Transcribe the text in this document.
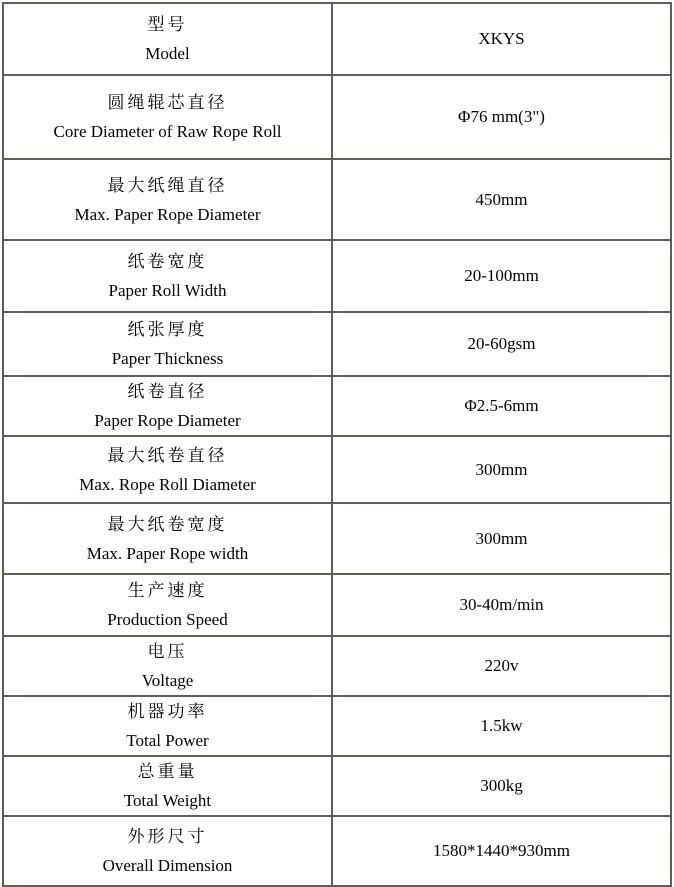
型号
Model	XKYS

圆绳辊芯直径
Core Diameter of Raw Rope Roll	Φ76 mm(3")

最大纸绳直径
Max. Paper Rope Diameter	450mm

纸卷宽度
Paper Roll Width	20-100mm

纸张厚度
Paper Thickness	20-60gsm

纸卷直径
Paper Rope Diameter	Φ2.5-6mm

最大纸卷直径
Max. Rope Roll Diameter	300mm

最大纸卷宽度
Max. Paper Rope width	300mm

生产速度
Production Speed	30-40m/min

电压
Voltage	220v

机器功率
Total Power	1.5kw

总重量
Total Weight	300kg

外形尺寸
Overall Dimension	1580*1440*930mm
